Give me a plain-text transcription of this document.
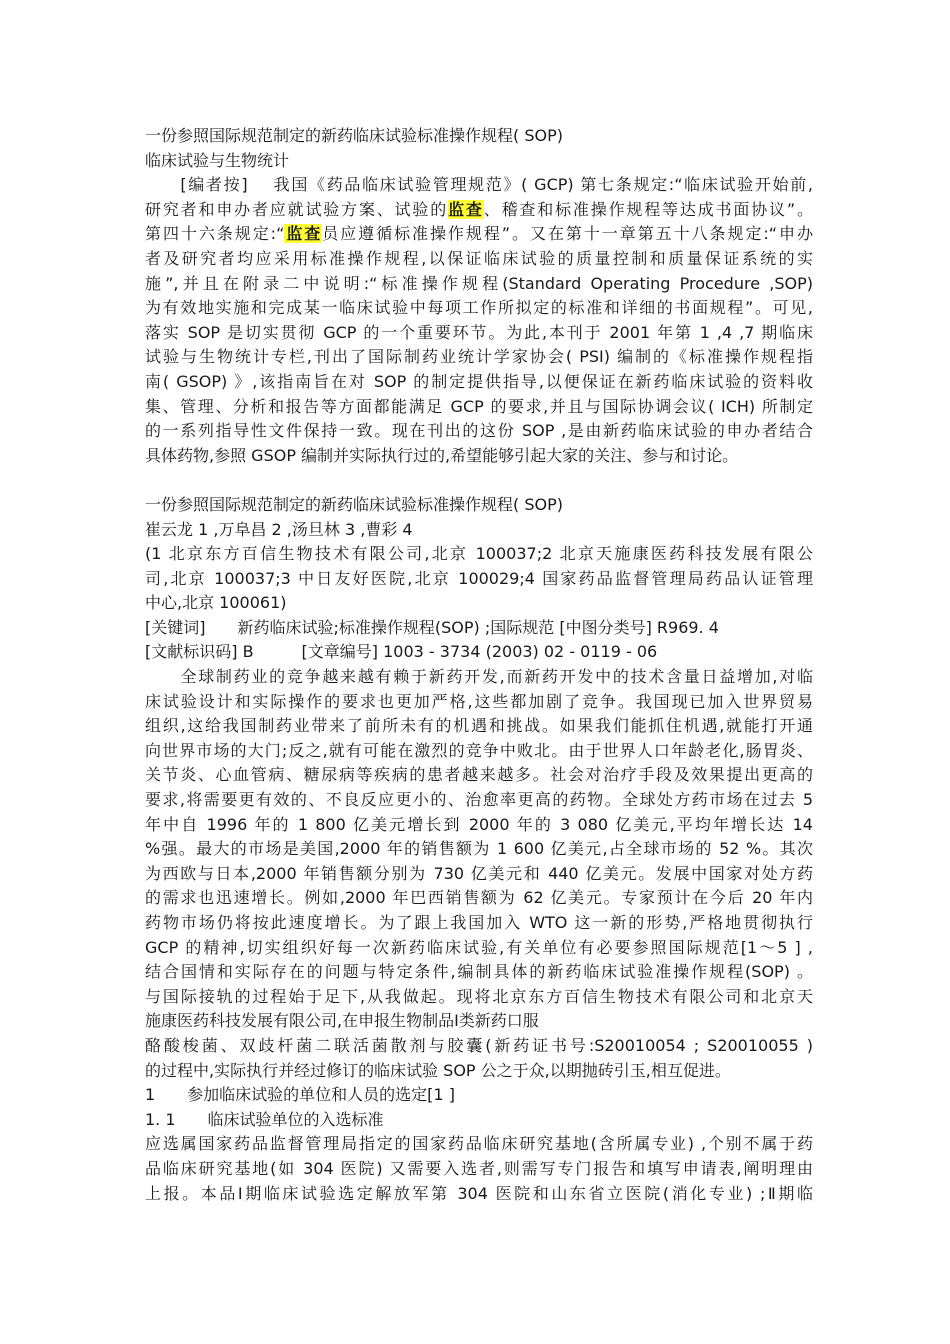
一份参照国际规范制定的新药临床试验标准操作规程( SOP)
临床试验与生物统计
　　[编者按]　 我国《药品临床试验管理规范》( GCP) 第七条规定:“临床试验开始前,
研究者和申办者应就试验方案、试验的监查、稽查和标准操作规程等达成书面协议”。
第四十六条规定:“监查员应遵循标准操作规程”。又在第十一章第五十八条规定:“申办
者及研究者均应采用标准操作规程,以保证临床试验的质量控制和质量保证系统的实
施”,并且在附录二中说明:“标准操作规程(Standard Operating Procedure ,SOP)
为有效地实施和完成某一临床试验中每项工作所拟定的标准和详细的书面规程”。可见,
落实 SOP 是切实贯彻 GCP 的一个重要环节。为此,本刊于 2001 年第 1 ,4 ,7 期临床
试验与生物统计专栏,刊出了国际制药业统计学家协会( PSI) 编制的《标准操作规程指
南( GSOP) 》,该指南旨在对 SOP 的制定提供指导,以便保证在新药临床试验的资料收
集、管理、分析和报告等方面都能满足 GCP 的要求,并且与国际协调会议( ICH) 所制定
的一系列指导性文件保持一致。现在刊出的这份 SOP ,是由新药临床试验的申办者结合
具体药物,参照 GSOP 编制并实际执行过的,希望能够引起大家的关注、参与和讨论。
一份参照国际规范制定的新药临床试验标准操作规程( SOP)
崔云龙 1 ,万阜昌 2 ,汤旦林 3 ,曹彩 4
(1 北京东方百信生物技术有限公司,北京 100037;2 北京天施康医药科技发展有限公
司,北京 100037;3 中日友好医院,北京 100029;4 国家药品监督管理局药品认证管理
中心,北京 100061)
[关键词]　　新药临床试验;标准操作规程(SOP) ;国际规范 [中图分类号] R969. 4
[文献标识码] B　　　[文章编号] 1003 - 3734 (2003) 02 - 0119 - 06
　　全球制药业的竞争越来越有赖于新药开发,而新药开发中的技术含量日益增加,对临
床试验设计和实际操作的要求也更加严格,这些都加剧了竞争。我国现已加入世界贸易
组织,这给我国制药业带来了前所未有的机遇和挑战。如果我们能抓住机遇,就能打开通
向世界市场的大门;反之,就有可能在激烈的竞争中败北。由于世界人口年龄老化,肠胃炎、
关节炎、心血管病、糖尿病等疾病的患者越来越多。社会对治疗手段及效果提出更高的
要求,将需要更有效的、不良反应更小的、治愈率更高的药物。全球处方药市场在过去 5
年中自 1996 年的 1 800 亿美元增长到 2000 年的 3 080 亿美元,平均年增长达 14
%强。最大的市场是美国,2000 年的销售额为 1 600 亿美元,占全球市场的 52 %。其次
为西欧与日本,2000 年销售额分别为 730 亿美元和 440 亿美元。发展中国家对处方药
的需求也迅速增长。例如,2000 年巴西销售额为 62 亿美元。专家预计在今后 20 年内
药物市场仍将按此速度增长。为了跟上我国加入 WTO 这一新的形势,严格地贯彻执行
GCP 的精神,切实组织好每一次新药临床试验,有关单位有必要参照国际规范[1～5 ] ,
结合国情和实际存在的问题与特定条件,编制具体的新药临床试验准操作规程(SOP) 。
与国际接轨的过程始于足下,从我做起。现将北京东方百信生物技术有限公司和北京天
施康医药科技发展有限公司,在申报生物制品Ⅰ类新药口服
酪酸梭菌、双歧杆菌二联活菌散剂与胶囊(新药证书号:S20010054 ; S20010055 )
的过程中,实际执行并经过修订的临床试验 SOP 公之于众,以期抛砖引玉,相互促进。
1　　参加临床试验的单位和人员的选定[1 ]
1. 1　　临床试验单位的入选标准
应选属国家药品监督管理局指定的国家药品临床研究基地(含所属专业) ,个别不属于药
品临床研究基地(如 304 医院) 又需要入选者,则需写专门报告和填写申请表,阐明理由
上报。本品Ⅰ期临床试验选定解放军第 304 医院和山东省立医院(消化专业) ;Ⅱ期临
